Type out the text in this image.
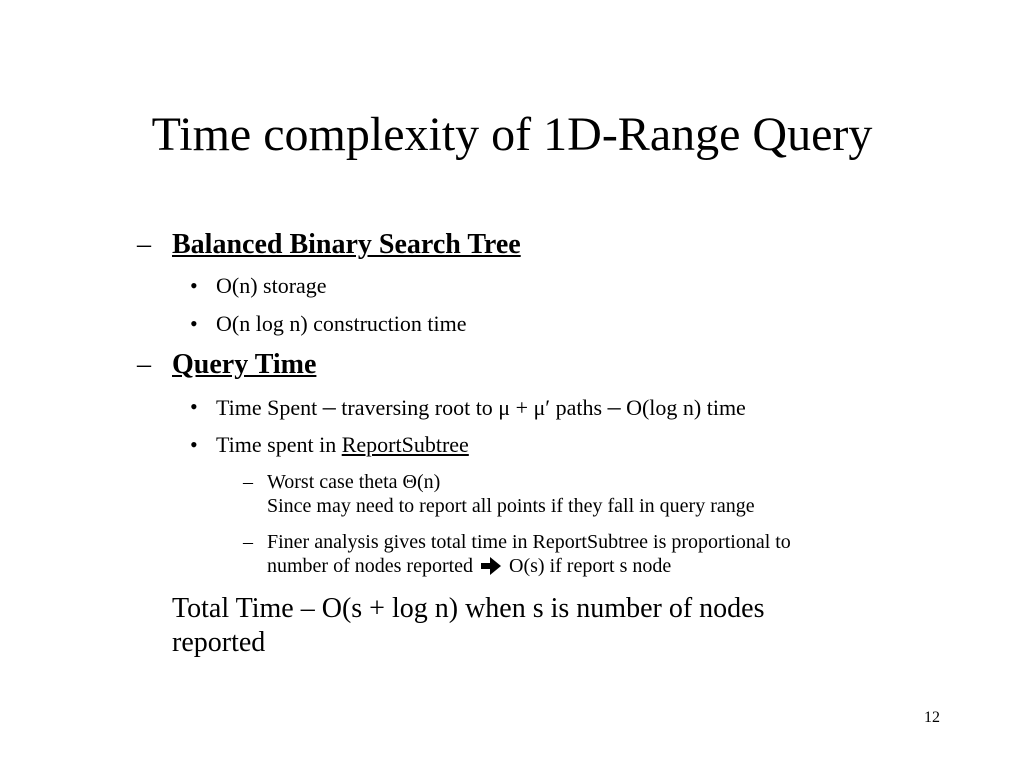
Time complexity of 1D-Range Query
– Balanced Binary Search Tree
• O(n) storage
• O(n log n) construction time
– Query Time
• Time Spent – traversing root to μ + μ′ paths – O(log n) time
• Time spent in ReportSubtree
– Worst case theta Θ(n)
Since may need to report all points if they fall in query range
– Finer analysis gives total time in ReportSubtree is proportional to
number of nodes reported O(s) if report s node
Total Time – O(s + log n) when s is number of nodes
reported
12
